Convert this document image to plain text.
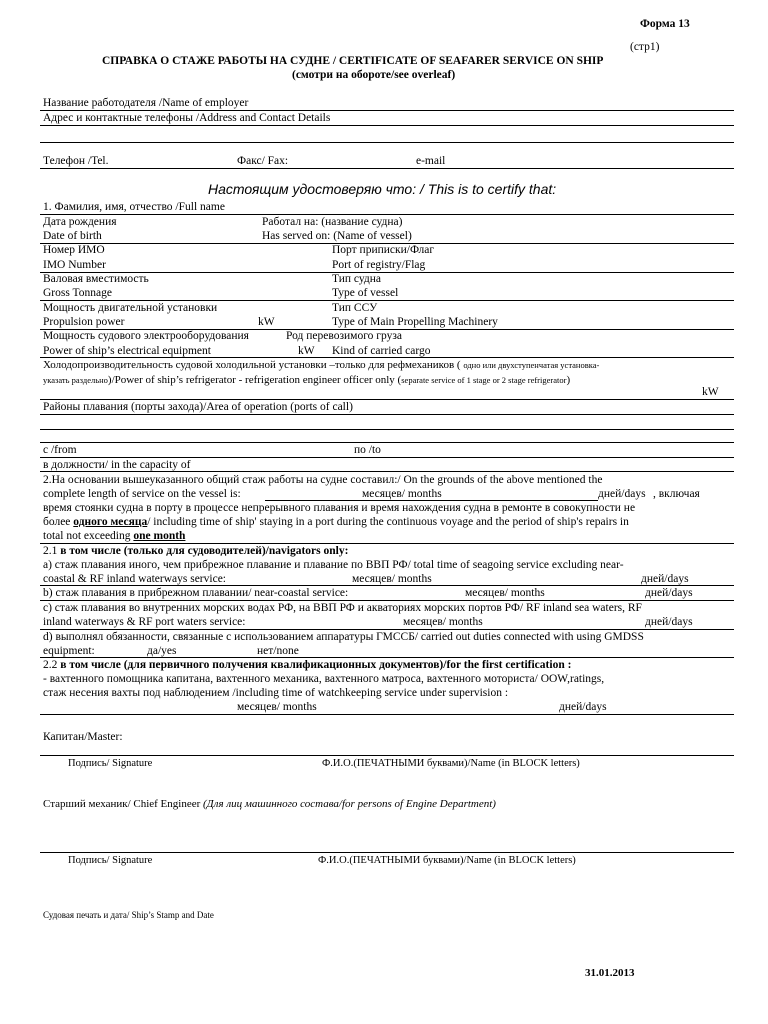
Форма 13
(стр1)
СПРАВКА О СТАЖЕ РАБОТЫ НА СУДНЕ / CERTIFICATE OF SEAFARER SERVICE ON SHIP
(смотри на обороте/see overleaf)
Название работодателя /Name of employer
Адрес и контактные телефоны /Address and Contact Details
Телефон /Tel.	Факс/ Fax:	e-mail
Настоящим удостоверяю что: / This is to certify that:
1. Фамилия, имя, отчество /Full name
Дата рождения	Работал на: (название судна)
Date of birth	Has served on: (Name of vessel)
Номер ИМО	Порт приписки/Флаг
IMO Number	Port of registry/Flag
Валовая вместимость	Тип судна
Gross Tonnage	Type of vessel
Мощность двигательной установки	Тип ССУ
Propulsion power	kW	Type of Main Propelling Machinery
Мощность судового электрооборудования	Род перевозимого груза
Power of ship’s electrical equipment	kW Kind of carried cargo
Холодопроизводительность судовой холодильной установки –только для рефмехаников ( одно или двухступенчатая установка-
указать раздельно)/Power of ship’s refrigerator - refrigeration engineer officer only (separate service of 1 stage or 2 stage refrigerator)
kW
Районы плавания (порты захода)/Area of operation (ports of call)
с /from	по /to
в должности/ in the capacity of
2.На основании вышеуказанного общий стаж работы на судне составил:/ On the grounds of the above mentioned the
complete length of service on the vessel is:	месяцев/ months	дней/days , включая
время стоянки судна в порту в процессе непрерывного плавания и время нахождения судна в ремонте в совокупности не
более одного месяца/ including time of ship' staying in a port during the continuous voyage and the period of ship's repairs in
total not exceeding one month
2.1 в том числе (только для судоводителей)/navigators only:
а) стаж плавания иного, чем прибрежное плавание и плавание по ВВП РФ/ total time of seagoing service excluding near-
coastal & RF inland waterways service:	месяцев/ months	дней/days
b) стаж плавания в прибрежном плавании/ near-coastal service:	месяцев/ months	дней/days
с) стаж плавания во внутренних морских водах РФ, на ВВП РФ и акваториях морских портов РФ/ RF inland sea waters, RF
inland waterways & RF port waters service:	месяцев/ months	дней/days
d) выполнял обязанности, связанные с использованием аппаратуры ГМССБ/ carried out duties connected with using GMDSS
equipment:	да/yes	нет/none
2.2 в том числе (для первичного получения квалификационных документов)/for the first certification :
- вахтенного помощника капитана, вахтенного механика, вахтенного матроса, вахтенного моториста/ OOW,ratings,
стаж несения вахты под наблюдением /including time of watchkeeping service under supervision :
месяцев/ months	дней/days
Капитан/Master:
Подпись/ Signature	Ф.И.О.(ПЕЧАТНЫМИ буквами)/Name (in BLOCK letters)
Старший механик/ Chief Engineer (Для лиц машинного состава/for persons of Engine Department)
Подпись/ Signature	Ф.И.О.(ПЕЧАТНЫМИ буквами)/Name (in BLOCK letters)
Судовая печать и дата/ Ship’s Stamp and Date
31.01.2013
